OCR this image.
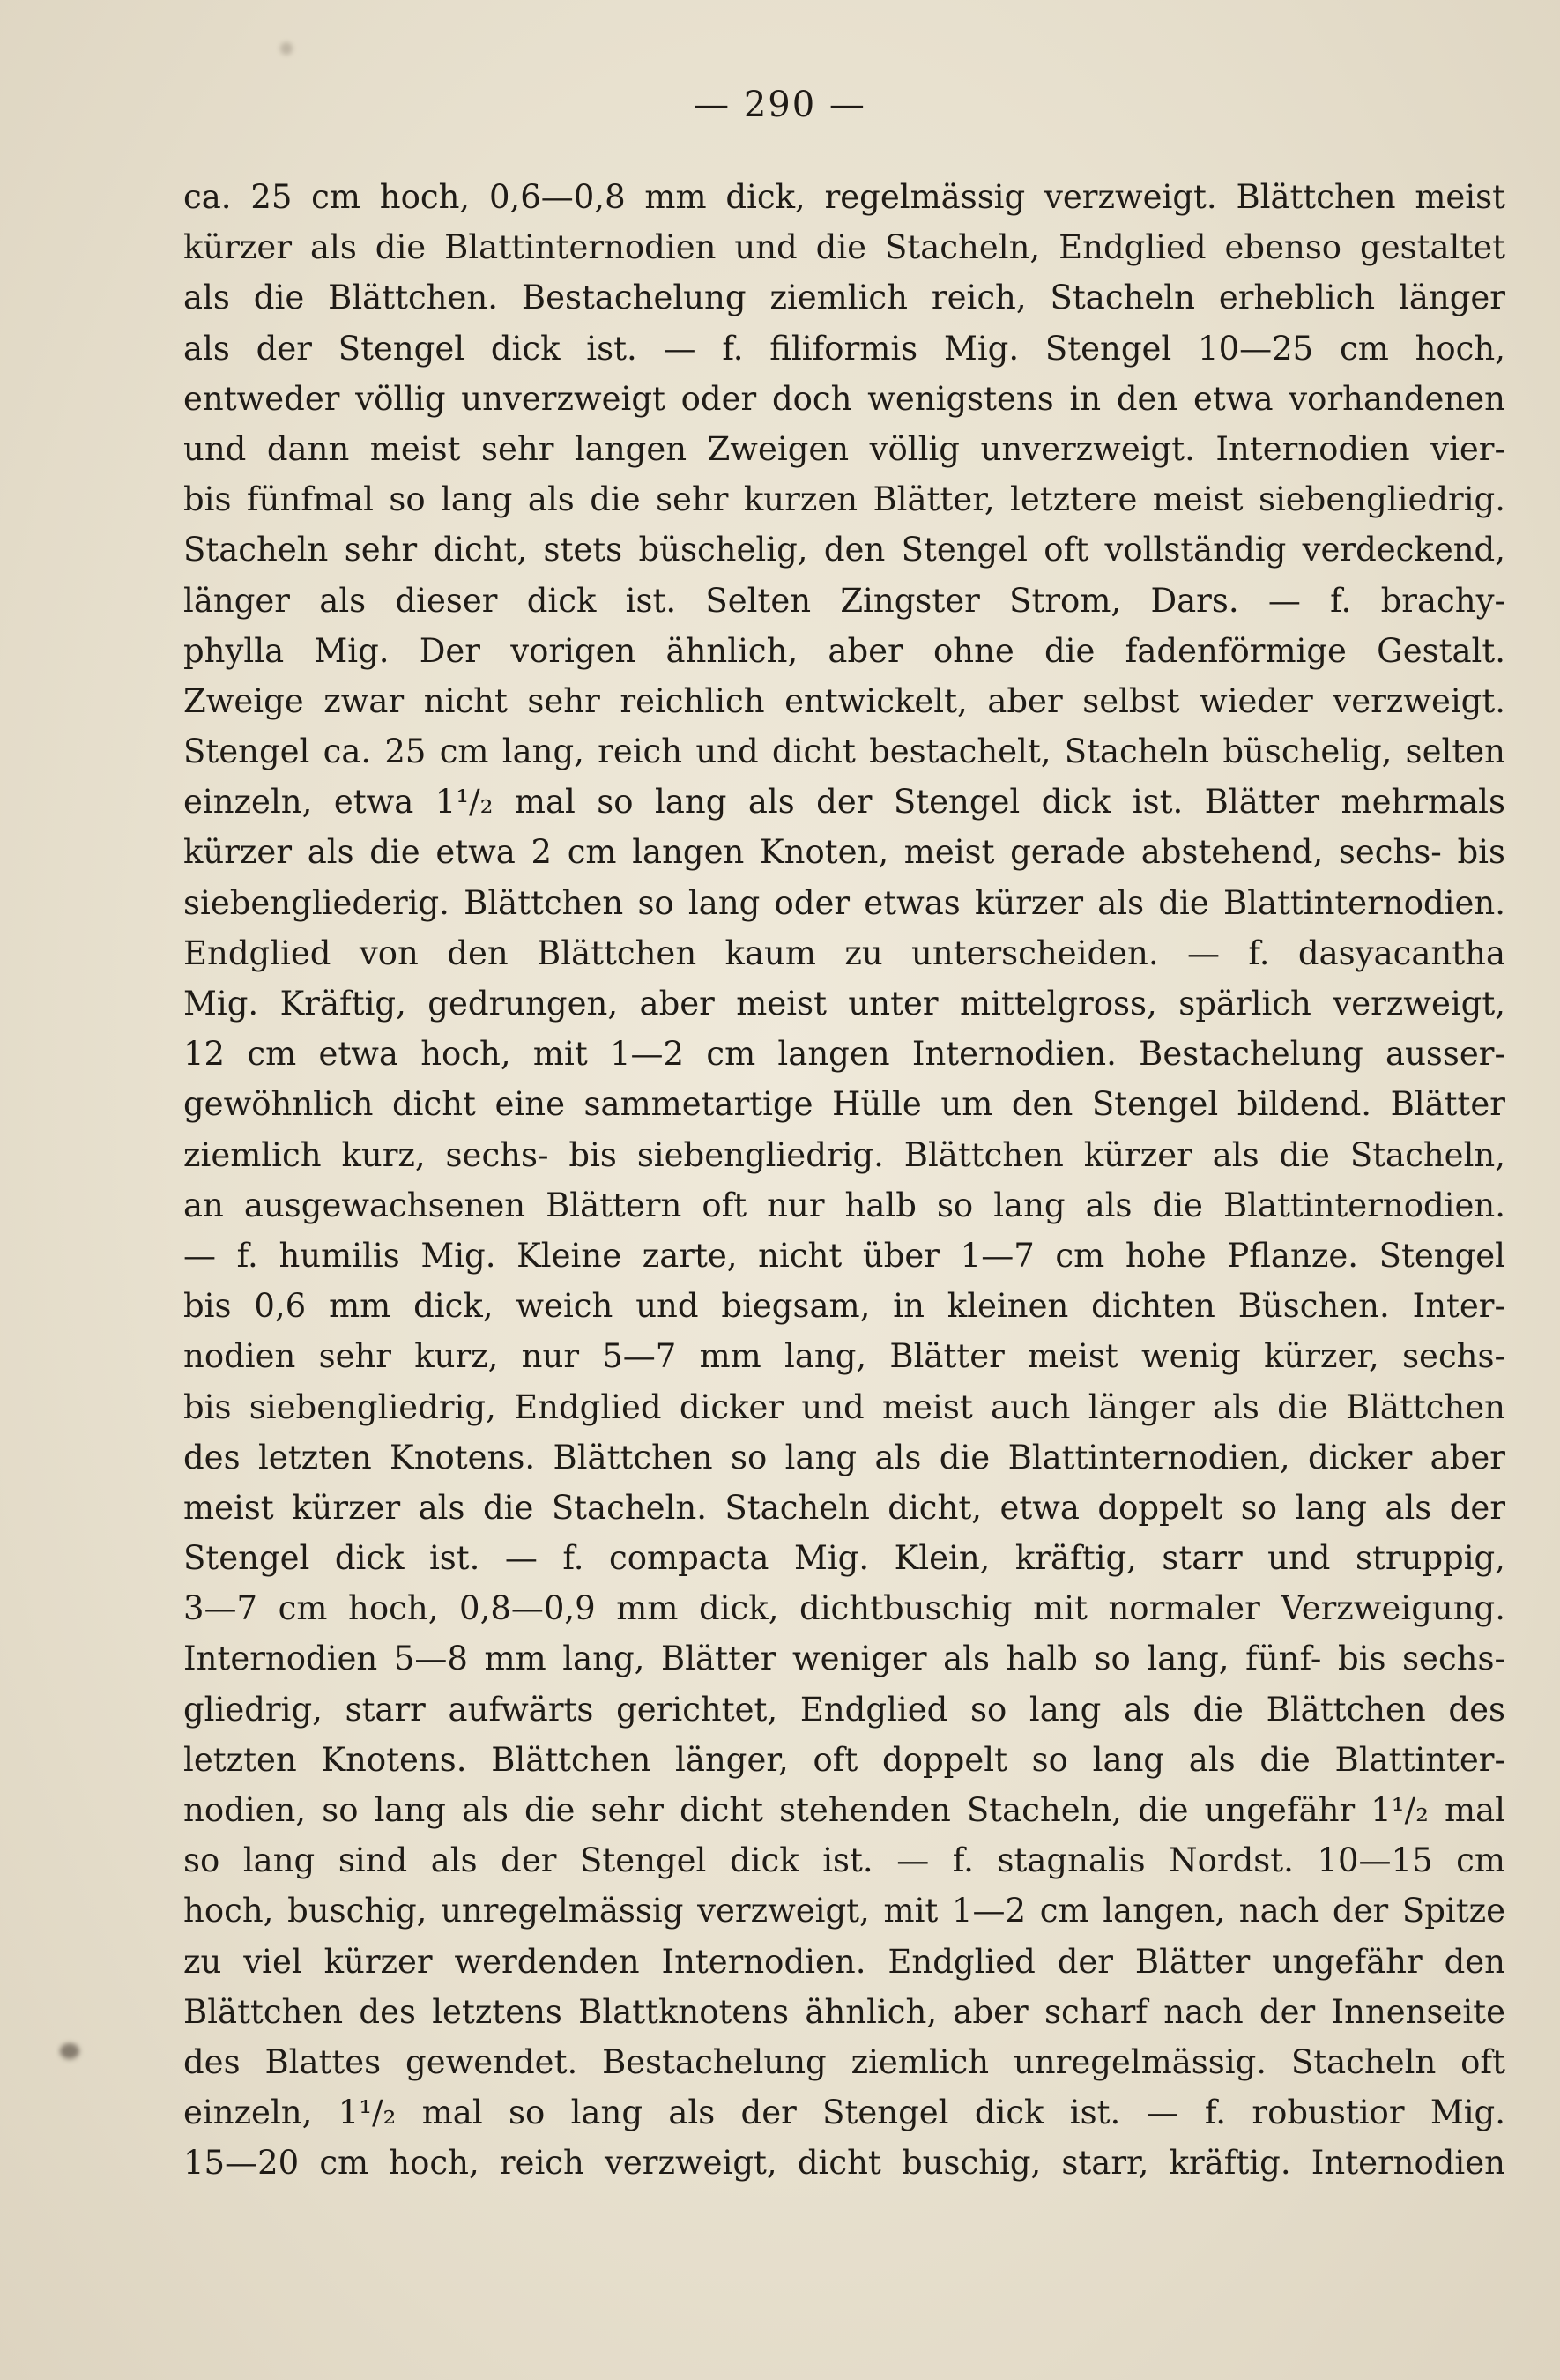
— 290 —
ca. 25 cm hoch, 0,6—0,8 mm dick, regelmässig verzweigt. Blättchen meist
kürzer als die Blattinternodien und die Stacheln, Endglied ebenso gestaltet
als die Blättchen. Bestachelung ziemlich reich, Stacheln erheblich länger
als der Stengel dick ist. — f. filiformis Mig. Stengel 10—25 cm hoch,
entweder völlig unverzweigt oder doch wenigstens in den etwa vorhandenen
und dann meist sehr langen Zweigen völlig unverzweigt. Internodien vier-
bis fünfmal so lang als die sehr kurzen Blätter, letztere meist siebengliedrig.
Stacheln sehr dicht, stets büschelig, den Stengel oft vollständig verdeckend,
länger als dieser dick ist. Selten Zingster Strom, Dars. — f. brachy-
phylla Mig. Der vorigen ähnlich, aber ohne die fadenförmige Gestalt.
Zweige zwar nicht sehr reichlich entwickelt, aber selbst wieder verzweigt.
Stengel ca. 25 cm lang, reich und dicht bestachelt, Stacheln büschelig, selten
einzeln, etwa 1¹/₂ mal so lang als der Stengel dick ist. Blätter mehrmals
kürzer als die etwa 2 cm langen Knoten, meist gerade abstehend, sechs- bis
siebengliederig. Blättchen so lang oder etwas kürzer als die Blattinternodien.
Endglied von den Blättchen kaum zu unterscheiden. — f. dasyacantha
Mig. Kräftig, gedrungen, aber meist unter mittelgross, spärlich verzweigt,
12 cm etwa hoch, mit 1—2 cm langen Internodien. Bestachelung ausser-
gewöhnlich dicht eine sammetartige Hülle um den Stengel bildend. Blätter
ziemlich kurz, sechs- bis siebengliedrig. Blättchen kürzer als die Stacheln,
an ausgewachsenen Blättern oft nur halb so lang als die Blattinternodien.
— f. humilis Mig. Kleine zarte, nicht über 1—7 cm hohe Pflanze. Stengel
bis 0,6 mm dick, weich und biegsam, in kleinen dichten Büschen. Inter-
nodien sehr kurz, nur 5—7 mm lang, Blätter meist wenig kürzer, sechs-
bis siebengliedrig, Endglied dicker und meist auch länger als die Blättchen
des letzten Knotens. Blättchen so lang als die Blattinternodien, dicker aber
meist kürzer als die Stacheln. Stacheln dicht, etwa doppelt so lang als der
Stengel dick ist. — f. compacta Mig. Klein, kräftig, starr und struppig,
3—7 cm hoch, 0,8—0,9 mm dick, dichtbuschig mit normaler Verzweigung.
Internodien 5—8 mm lang, Blätter weniger als halb so lang, fünf- bis sechs-
gliedrig, starr aufwärts gerichtet, Endglied so lang als die Blättchen des
letzten Knotens. Blättchen länger, oft doppelt so lang als die Blattinter-
nodien, so lang als die sehr dicht stehenden Stacheln, die ungefähr 1¹/₂ mal
so lang sind als der Stengel dick ist. — f. stagnalis Nordst. 10—15 cm
hoch, buschig, unregelmässig verzweigt, mit 1—2 cm langen, nach der Spitze
zu viel kürzer werdenden Internodien. Endglied der Blätter ungefähr den
Blättchen des letztens Blattknotens ähnlich, aber scharf nach der Innenseite
des Blattes gewendet. Bestachelung ziemlich unregelmässig. Stacheln oft
einzeln, 1¹/₂ mal so lang als der Stengel dick ist. — f. robustior Mig.
15—20 cm hoch, reich verzweigt, dicht buschig, starr, kräftig. Internodien
